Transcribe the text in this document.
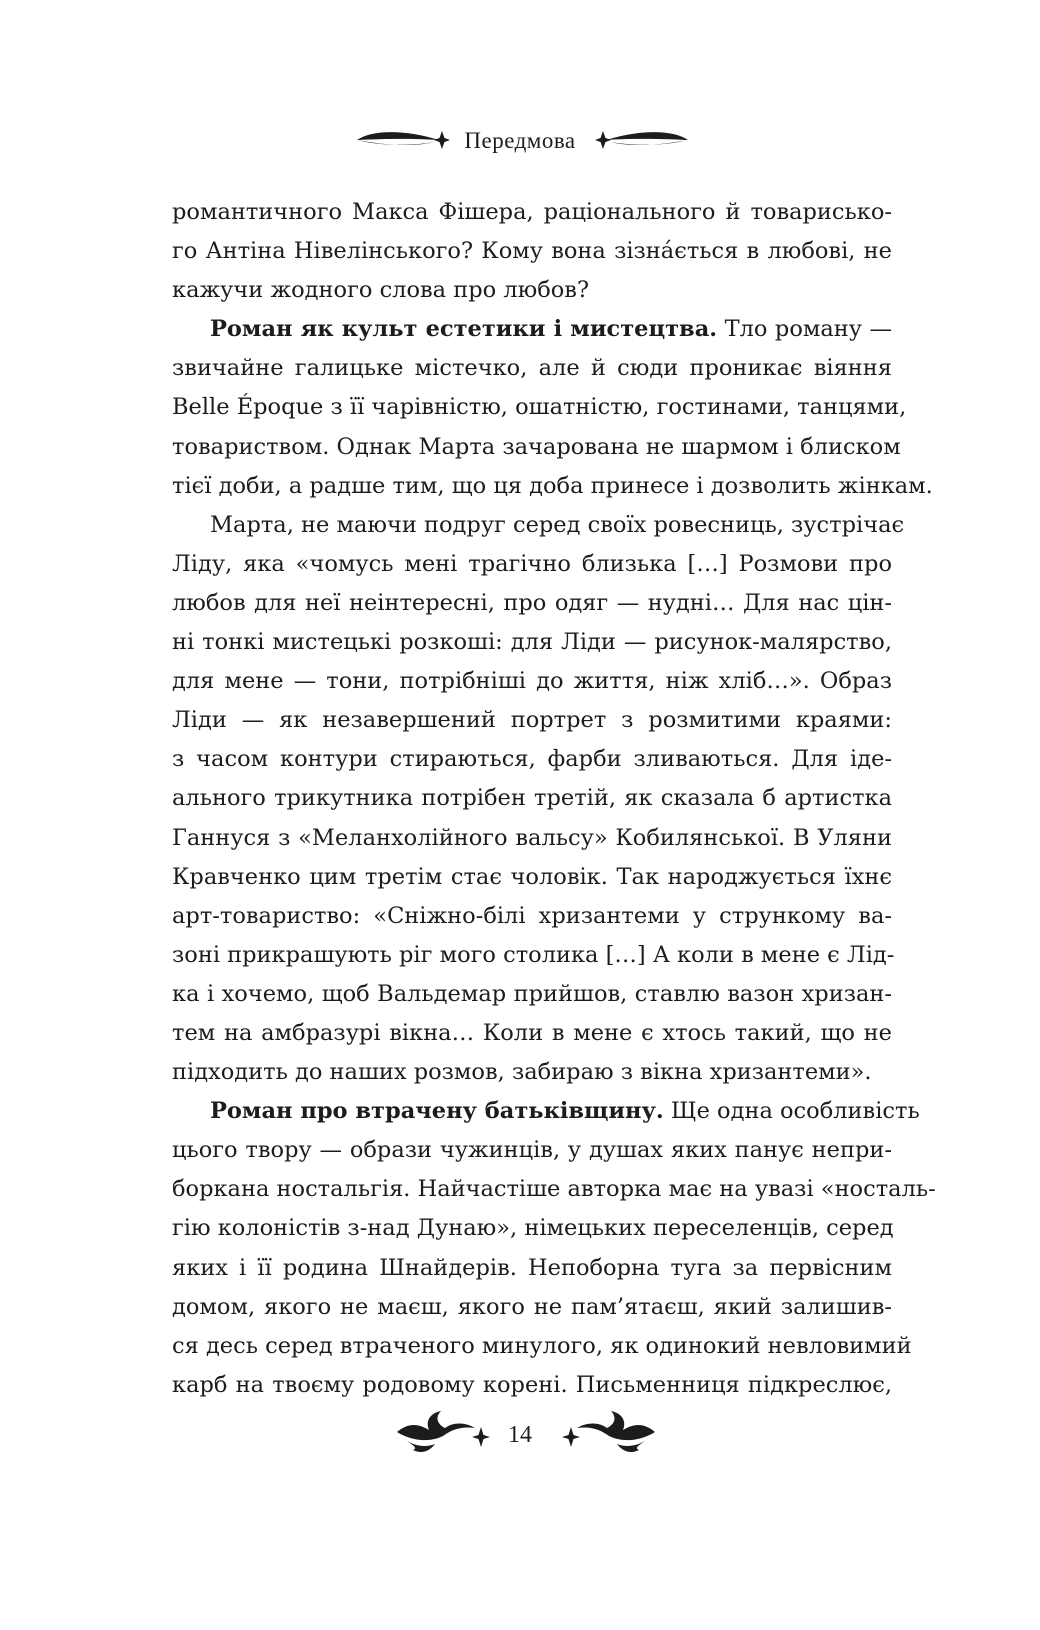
Передмова
романтичного Макса Фішера, раціонального й товарисько-
го Антіна Нівелінського? Кому вона зізна́ється в любові, не
кажучи жодного слова про любов?
Роман як культ естетики і мистецтва. Тло роману —
звичайне галицьке містечко, але й сюди проникає віяння
Belle Époque з її чарівністю, ошатністю, гостинами, танцями,
товариством. Однак Марта зачарована не шармом і блиском
тієї доби, а радше тим, що ця доба принесе і дозволить жінкам.
Марта, не маючи подруг серед своїх ровесниць, зустрічає
Ліду, яка «чомусь мені трагічно близька […] Розмови про
любов для неї неінтересні, про одяг — нудні… Для нас цін-
ні тонкі мистецькі розкоші: для Ліди — рисунок-малярство,
для мене — тони, потрібніші до життя, ніж хліб…». Образ
Ліди — як незавершений портрет з розмитими краями:
з часом контури стираються, фарби зливаються. Для іде-
ального трикутника потрібен третій, як сказала б артистка
Ганнуся з «Меланхолійного вальсу» Кобилянської. В Уляни
Кравченко цим третім стає чоловік. Так народжується їхнє
арт-товариство: «Сніжно-білі хризантеми у стрункому ва-
зоні прикрашують ріг мого столика […] А коли в мене є Лід-
ка і хочемо, щоб Вальдемар прийшов, ставлю вазон хризан-
тем на амбразурі вікна… Коли в мене є хтось такий, що не
підходить до наших розмов, забираю з вікна хризантеми».
Роман про втрачену батьківщину. Ще одна особливість
цього твору — образи чужинців, у душах яких панує непри-
боркана ностальгія. Найчастіше авторка має на увазі «носталь-
гію колоністів з-над Дунаю», німецьких переселенців, серед
яких і її родина Шнайдерів. Непоборна туга за первісним
домом, якого не маєш, якого не пам’ятаєш, який залишив-
ся десь серед втраченого минулого, як одинокий невловимий
карб на твоєму родовому корені. Письменниця підкреслює,
14
